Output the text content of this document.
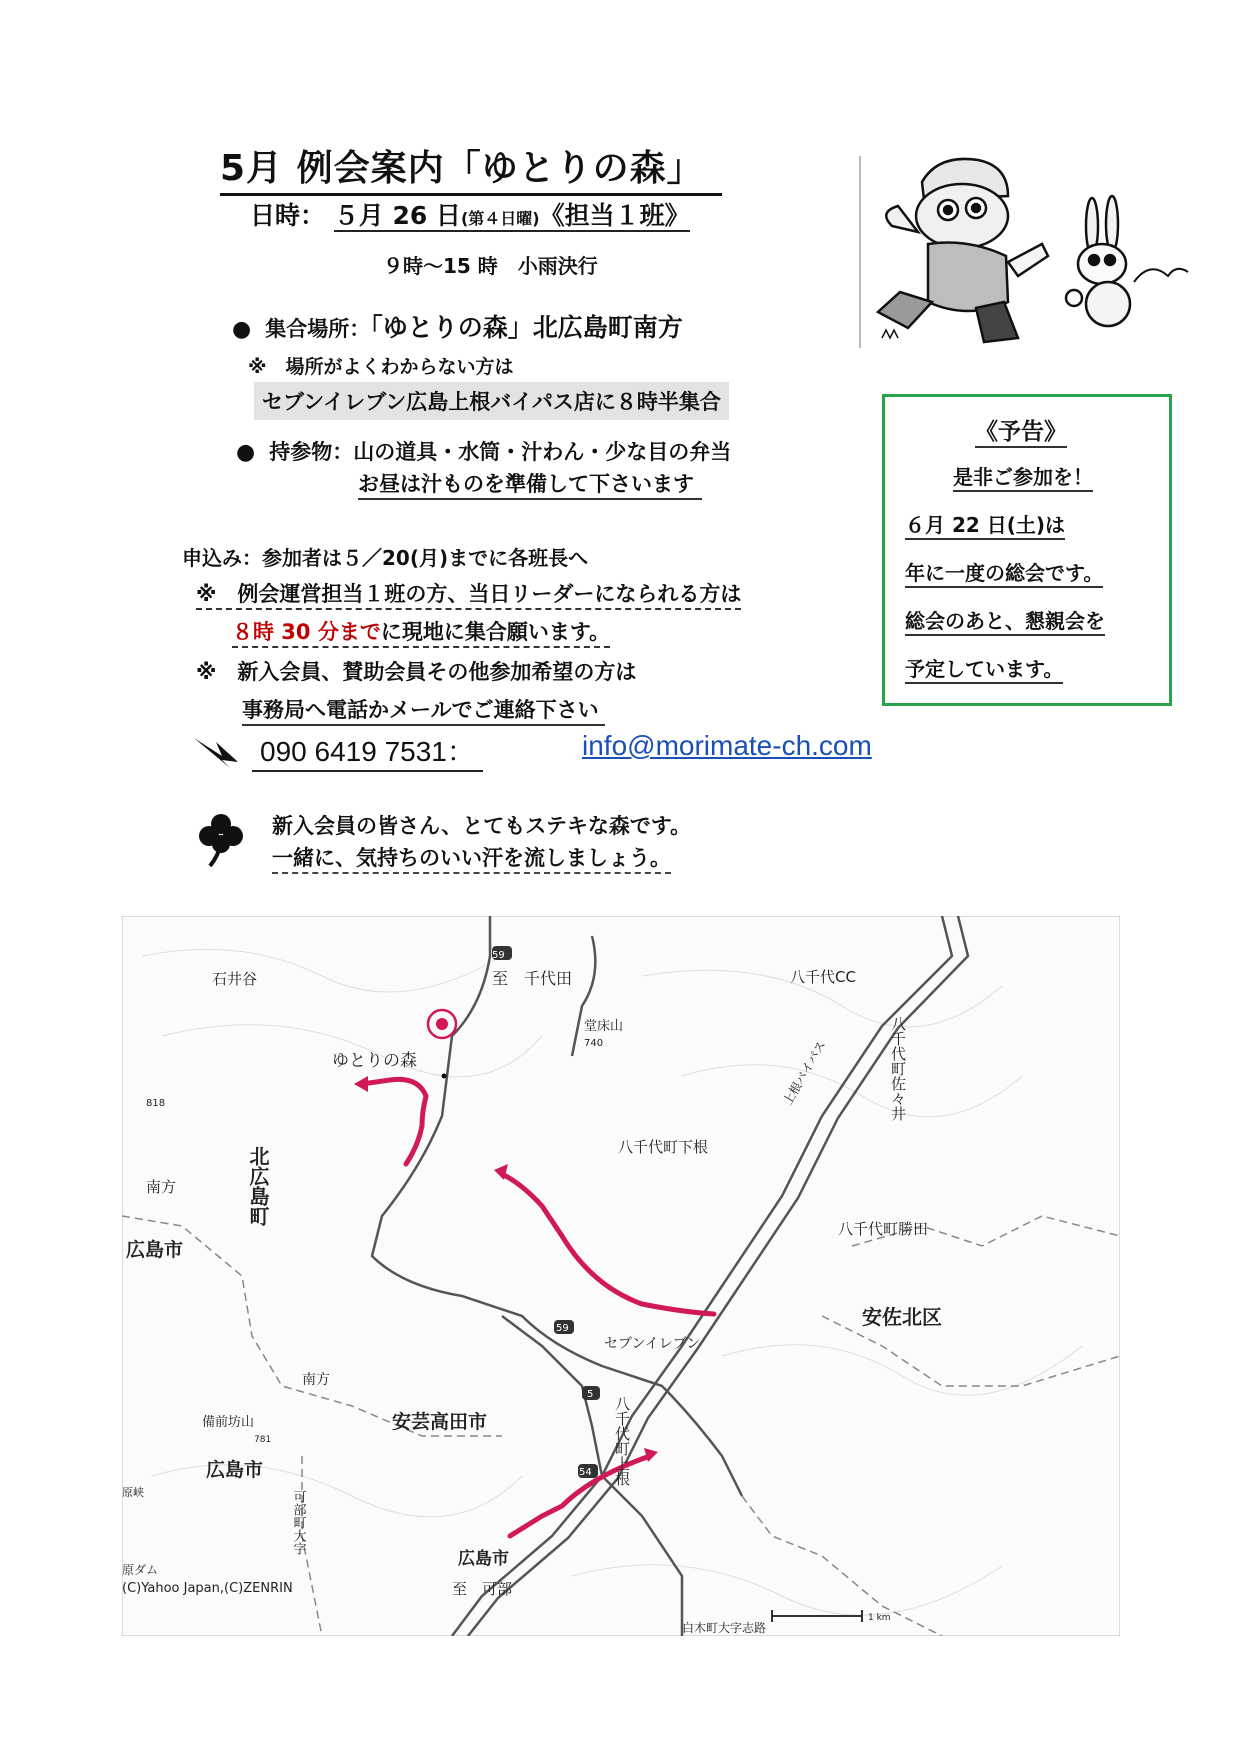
5月 例会案内「ゆとりの森」
日時： ５月 26 日(第４日曜)《担当１班》
９時～15 時　小雨決行
● 集合場所：「ゆとりの森」北広島町南方
※　場所がよくわからない方は
セブンイレブン広島上根バイパス店に８時半集合
● 持参物：山の道具・水筒・汁わん・少な目の弁当
お昼は汁ものを準備して下さいます
申込み：参加者は５／20(月)までに各班長へ
※　例会運営担当１班の方、当日リーダーになられる方は
８時 30 分までに現地に集合願います。
※　新入会員、賛助会員その他参加希望の方は
事務局へ電話かメールでご連絡下さい
090 6419 7531：	info@morimate-ch.com
新入会員の皆さん、とてもステキな森です。
一緒に、気持ちのいい汗を流しましょう。
《予告》
是非ご参加を！
６月 22 日(土)は
年に一度の総会です。
総会のあと、懇親会を
予定しています。
石井谷
59
至　千代田	八千代CC
堂床山
740
ゆとりの森
818
北広島町
八千代町佐々井
上根バイパス
八千代町下根
南方
広島市
八千代町勝田
59	安佐北区
セブンイレブン
南方
5
安芸高田市
備前坊山
781	八千代町上根
広島市	54
原峡	可部町大字
広島市
原ダム
(C)Yahoo Japan,(C)ZENRIN	至　可部
白木町大字志路
1 km
